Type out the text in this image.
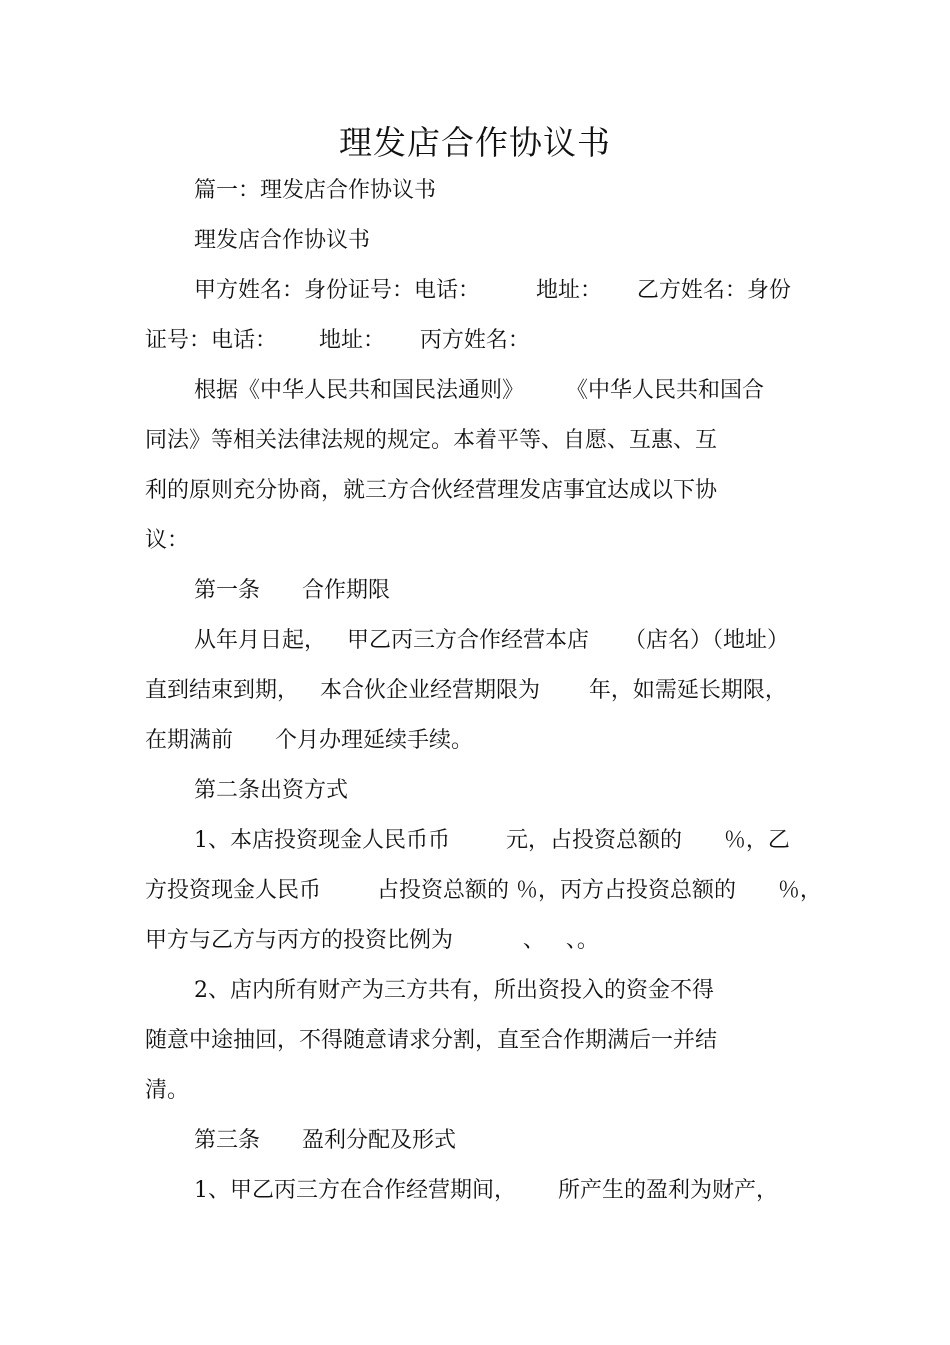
理发店合作协议书
篇一：理发店合作协议书
理发店合作协议书
甲方姓名：身份证号：电话：        地址：     乙方姓名：身份
证号：电话：      地址：     丙方姓名：
根据《中华人民共和国民法通则》      《中华人民共和国合
同法》等相关法律法规的规定。本着平等、自愿、互惠、互
利的原则充分协商，就三方合伙经营理发店事宜达成以下协
议：
第一条      合作期限
从年月日起，   甲乙丙三方合作经营本店     （店名）（地址）
直到结束到期，   本合伙企业经营期限为       年，如需延长期限，
在期满前      个月办理延续手续。
第二条出资方式
1、本店投资现金人民币币        元，占投资总额的      ％，乙
方投资现金人民币        占投资总额的 ％，丙方占投资总额的      ％，
甲方与乙方与丙方的投资比例为          、   、。
2、店内所有财产为三方共有，所出资投入的资金不得
随意中途抽回，不得随意请求分割，直至合作期满后一并结
清。
第三条      盈利分配及形式
1、甲乙丙三方在合作经营期间，      所产生的盈利为财产，
